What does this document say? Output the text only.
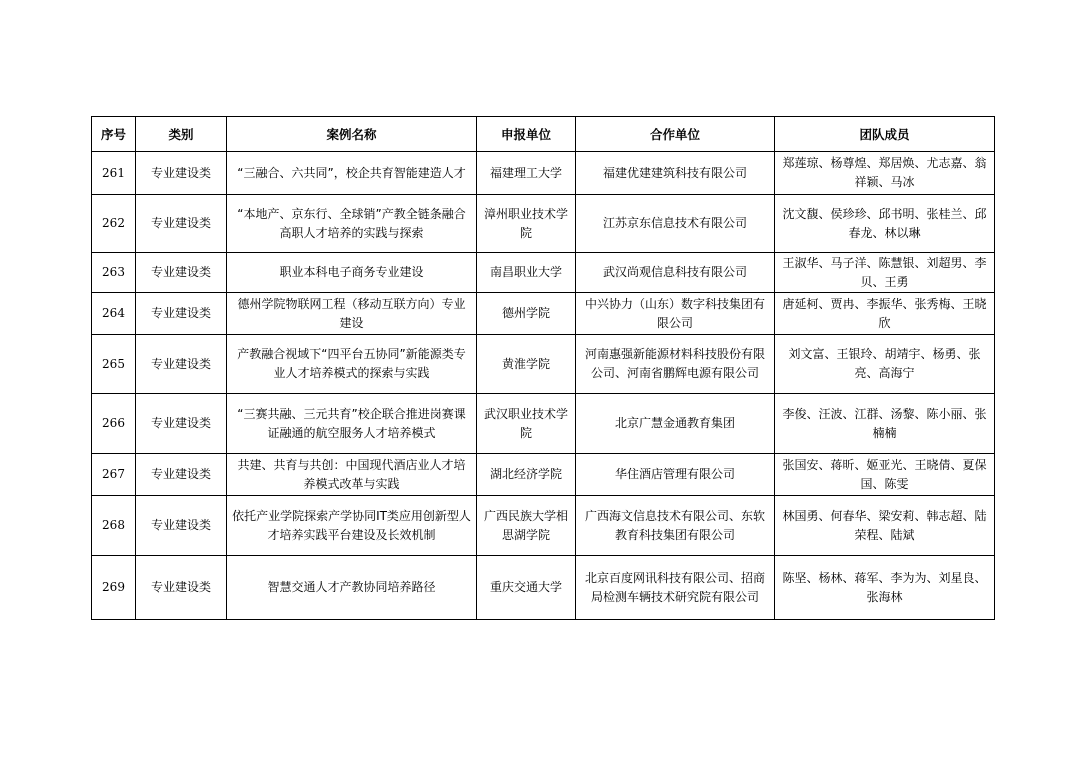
序号	类别	案例名称	申报单位	合作单位	团队成员
261	专业建设类	“三融合、六共同”，校企共育智能建造人才	福建理工大学	福建优建建筑科技有限公司	郑莲琼、杨尊煌、郑居焕、尤志嘉、翁祥颖、马冰
262	专业建设类	“本地产、京东行、全球销”产教全链条融合高职人才培养的实践与探索	漳州职业技术学院	江苏京东信息技术有限公司	沈文馥、侯珍珍、邱书明、张桂兰、邱春龙、林以琳
263	专业建设类	职业本科电子商务专业建设	南昌职业大学	武汉尚观信息科技有限公司	王淑华、马子洋、陈慧银、刘超男、李贝、王勇
264	专业建设类	德州学院物联网工程（移动互联方向）专业建设	德州学院	中兴协力（山东）数字科技集团有限公司	唐延柯、贾冉、李振华、张秀梅、王晓欣
265	专业建设类	产教融合视域下“四平台五协同”新能源类专业人才培养模式的探索与实践	黄淮学院	河南惠强新能源材料科技股份有限公司、河南省鹏辉电源有限公司	刘文富、王银玲、胡靖宇、杨勇、张亮、高海宁
266	专业建设类	“三赛共融、三元共育”校企联合推进岗赛课证融通的航空服务人才培养模式	武汉职业技术学院	北京广慧金通教育集团	李俊、汪波、江群、汤黎、陈小丽、张楠楠
267	专业建设类	共建、共育与共创：中国现代酒店业人才培养模式改革与实践	湖北经济学院	华住酒店管理有限公司	张国安、蒋昕、姬亚光、王晓倩、夏保国、陈雯
268	专业建设类	依托产业学院探索产学协同IT类应用创新型人才培养实践平台建设及长效机制	广西民族大学相思湖学院	广西海文信息技术有限公司、东软教育科技集团有限公司	林国勇、何春华、梁安莉、韩志超、陆荣程、陆斌
269	专业建设类	智慧交通人才产教协同培养路径	重庆交通大学	北京百度网讯科技有限公司、招商局检测车辆技术研究院有限公司	陈坚、杨林、蒋军、李为为、刘星良、张海林
